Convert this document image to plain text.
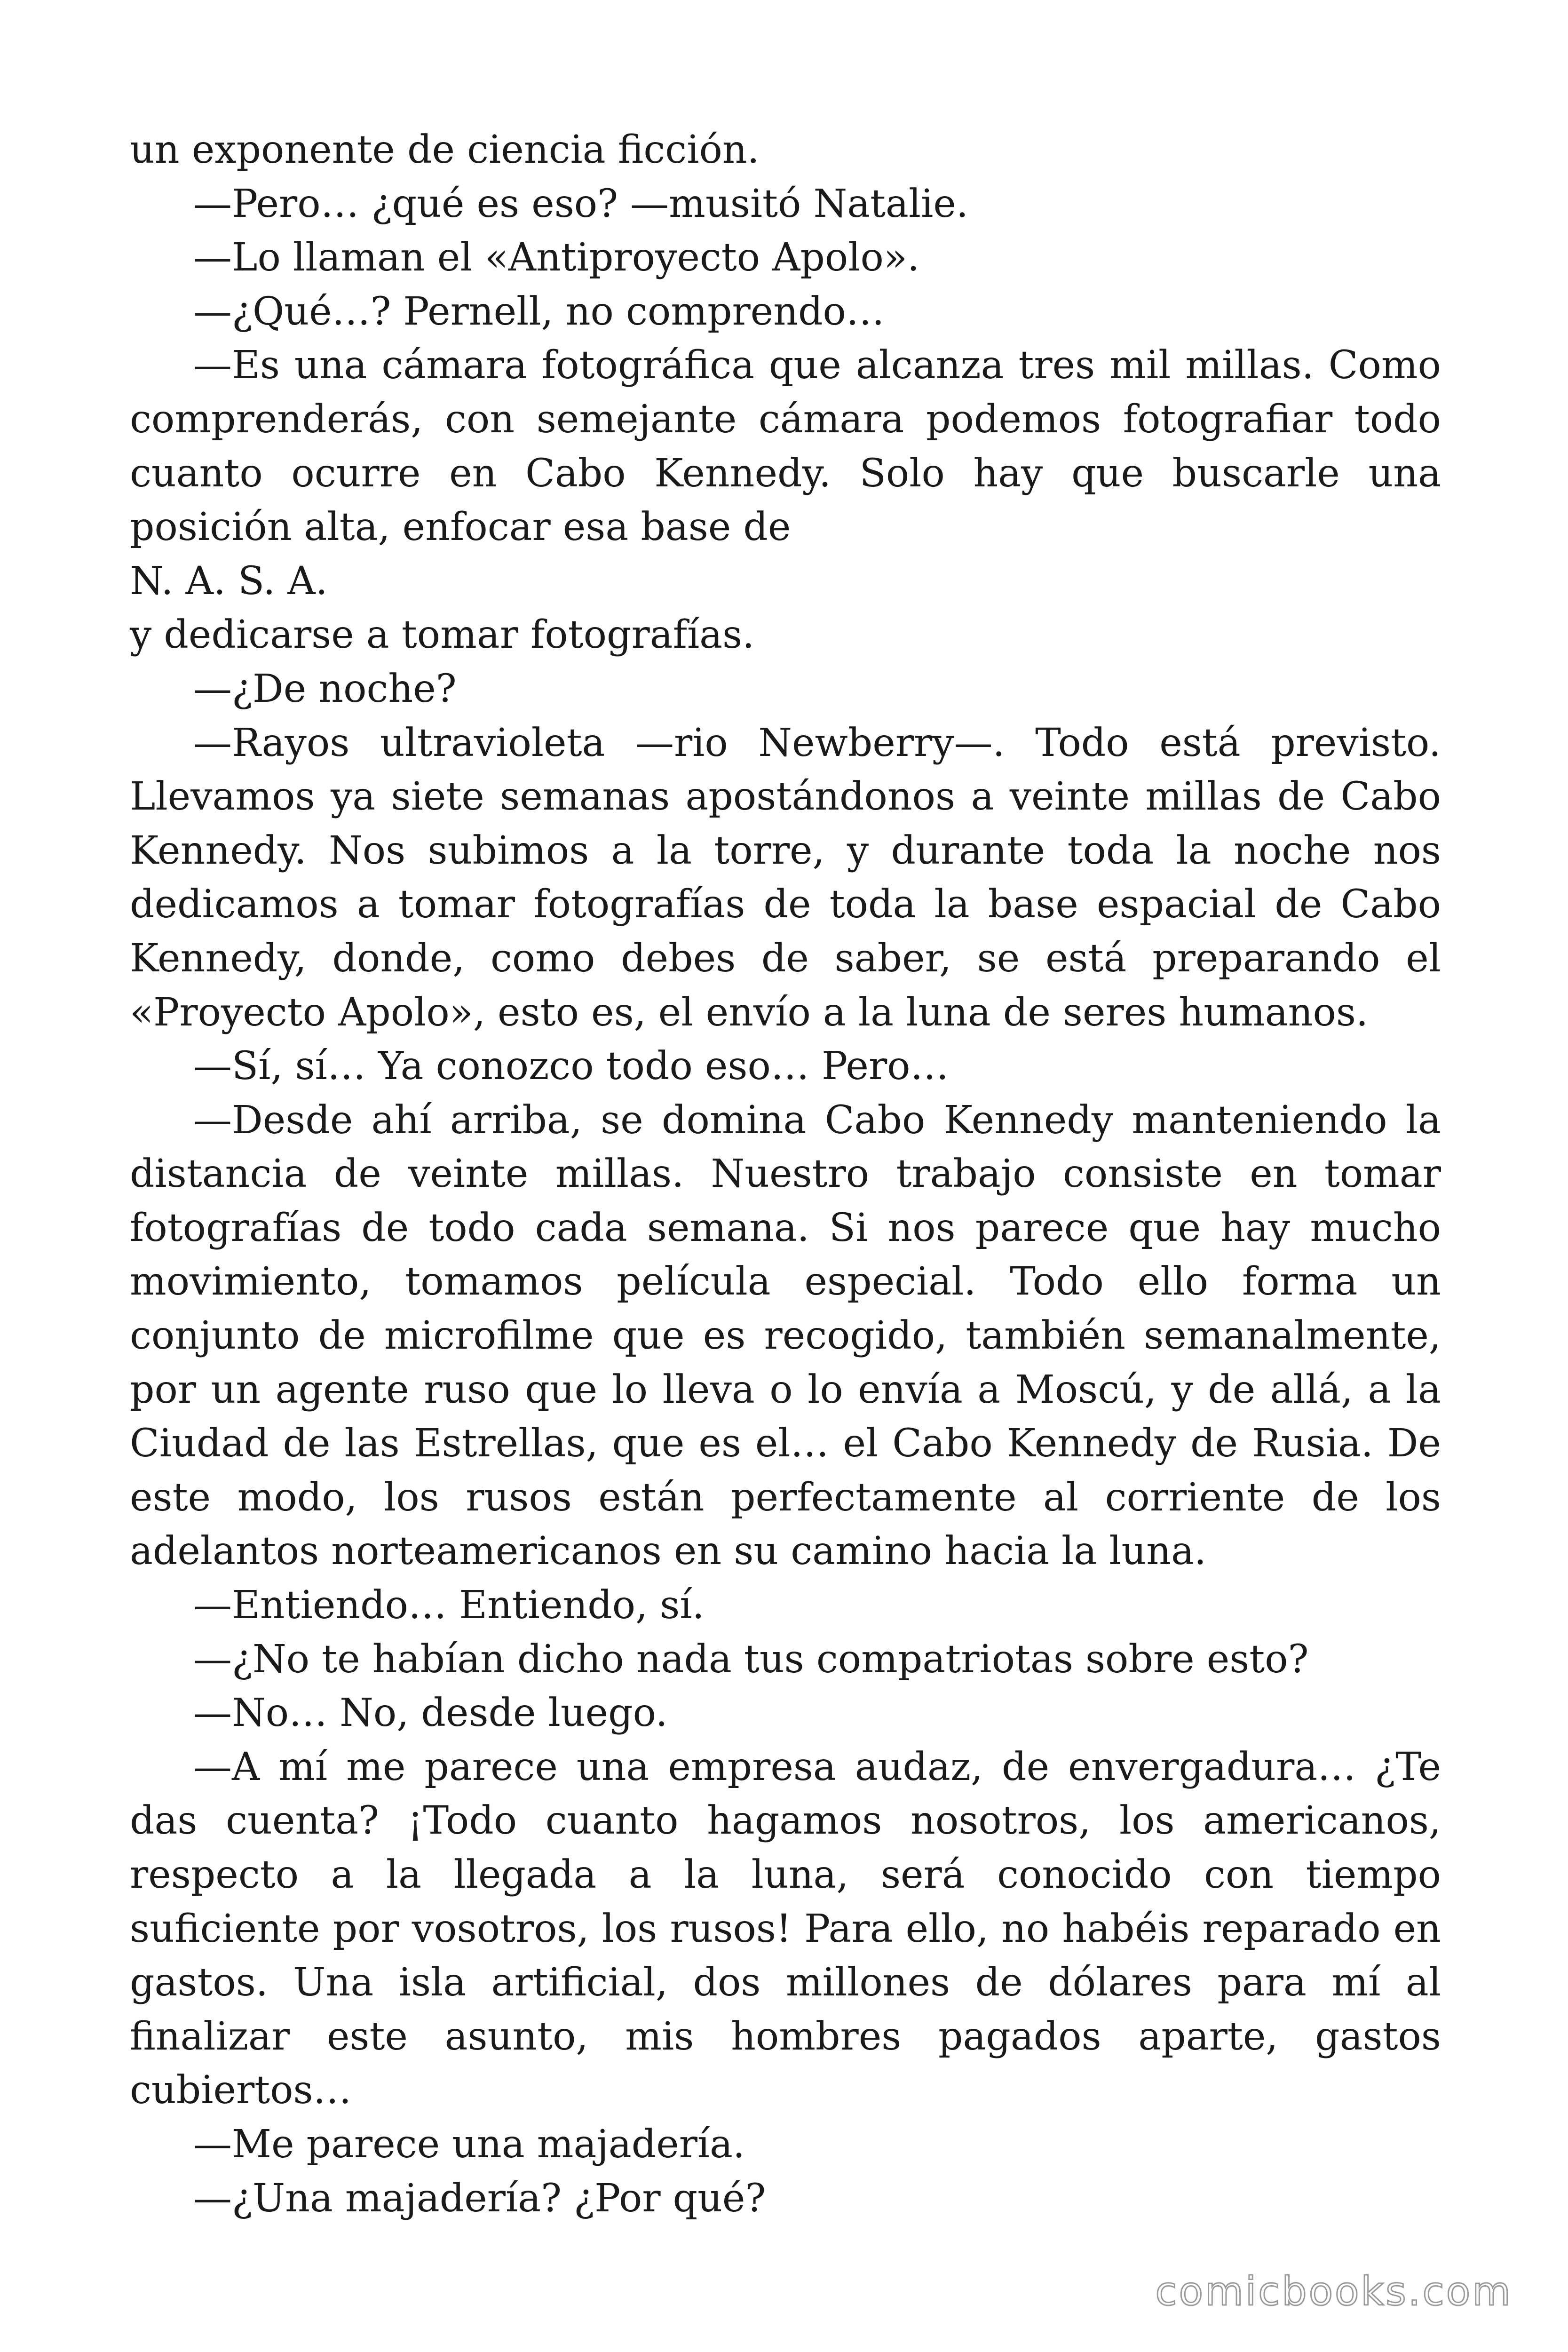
un exponente de ciencia ficción.

—Pero… ¿qué es eso? —musitó Natalie.

—Lo llaman el «Antiproyecto Apolo».

—¿Qué…? Pernell, no comprendo…

—Es una cámara fotográfica que alcanza tres mil millas. Como comprenderás, con semejante cámara podemos fotografiar todo cuanto ocurre en Cabo Kennedy. Solo hay que buscarle una posición alta, enfocar esa base de

N. A. S. A.

y dedicarse a tomar fotografías.

—¿De noche?

—Rayos ultravioleta —rio Newberry—. Todo está previsto. Llevamos ya siete semanas apostándonos a veinte millas de Cabo Kennedy. Nos subimos a la torre, y durante toda la noche nos dedicamos a tomar fotografías de toda la base espacial de Cabo Kennedy, donde, como debes de saber, se está preparando el «Proyecto Apolo», esto es, el envío a la luna de seres humanos.

—Sí, sí… Ya conozco todo eso… Pero…

—Desde ahí arriba, se domina Cabo Kennedy manteniendo la distancia de veinte millas. Nuestro trabajo consiste en tomar fotografías de todo cada semana. Si nos parece que hay mucho movimiento, tomamos película especial. Todo ello forma un conjunto de microfilme que es recogido, también semanalmente, por un agente ruso que lo lleva o lo envía a Moscú, y de allá, a la Ciudad de las Estrellas, que es el… el Cabo Kennedy de Rusia. De este modo, los rusos están perfectamente al corriente de los adelantos norteamericanos en su camino hacia la luna.

—Entiendo… Entiendo, sí.

—¿No te habían dicho nada tus compatriotas sobre esto?

—No… No, desde luego.

—A mí me parece una empresa audaz, de envergadura… ¿Te das cuenta? ¡Todo cuanto hagamos nosotros, los americanos, respecto a la llegada a la luna, será conocido con tiempo suficiente por vosotros, los rusos! Para ello, no habéis reparado en gastos. Una isla artificial, dos millones de dólares para mí al finalizar este asunto, mis hombres pagados aparte, gastos cubiertos…

—Me parece una majadería.

—¿Una majadería? ¿Por qué?

comicbooks.com
